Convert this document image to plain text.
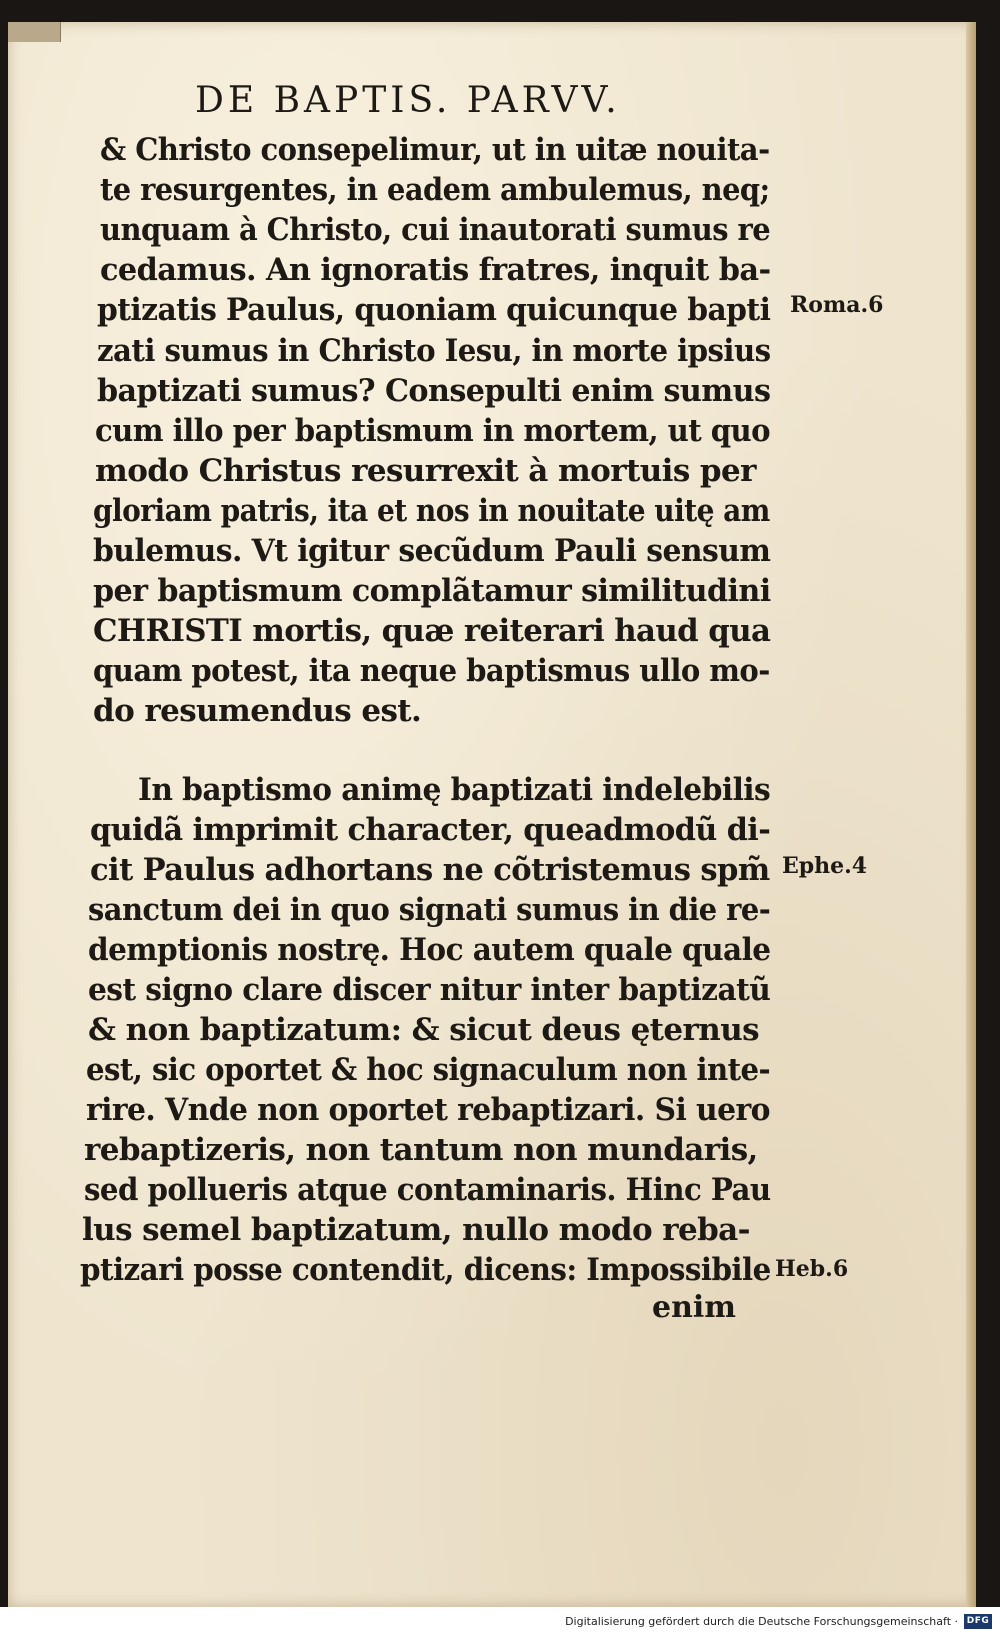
DE BAPTIS. PARVV.
& Christo consepelimur, ut in uitæ nouita-
te resurgentes, in eadem ambulemus, neq;
unquam à Christo, cui inautorati sumus re
cedamus. An ignoratis fratres, inquit ba-
ptizatis Paulus, quoniam quicunque bapti
zati sumus in Christo Iesu, in morte ipsius
baptizati sumus? Consepulti enim sumus
cum illo per baptismum in mortem, ut quo
modo Christus resurrexit à mortuis per
gloriam patris, ita et nos in nouitate uitę am
bulemus. Vt igitur secũdum Pauli sensum
per baptismum complãtamur similitudini
CHRISTI mortis, quæ reiterari haud qua
quam potest, ita neque baptismus ullo mo-
do resumendus est.
In baptismo animę baptizati indelebilis
quidã imprimit character, queadmodũ di-
cit Paulus adhortans ne cõtristemus spm̃
sanctum dei in quo signati sumus in die re-
demptionis nostrę. Hoc autem quale quale
est signo clare discer nitur inter baptizatũ
& non baptizatum: & sicut deus ęternus
est, sic oportet & hoc signaculum non inte-
rire. Vnde non oportet rebaptizari. Si uero
rebaptizeris, non tantum non mundaris,
sed pollueris atque contaminaris. Hinc Pau
lus semel baptizatum, nullo modo reba-
ptizari posse contendit, dicens: Impossibile
enim
Roma.6
Ephe.4
Heb.6
Digitalisierung gefördert durch die Deutsche Forschungsgemeinschaft · DFG
